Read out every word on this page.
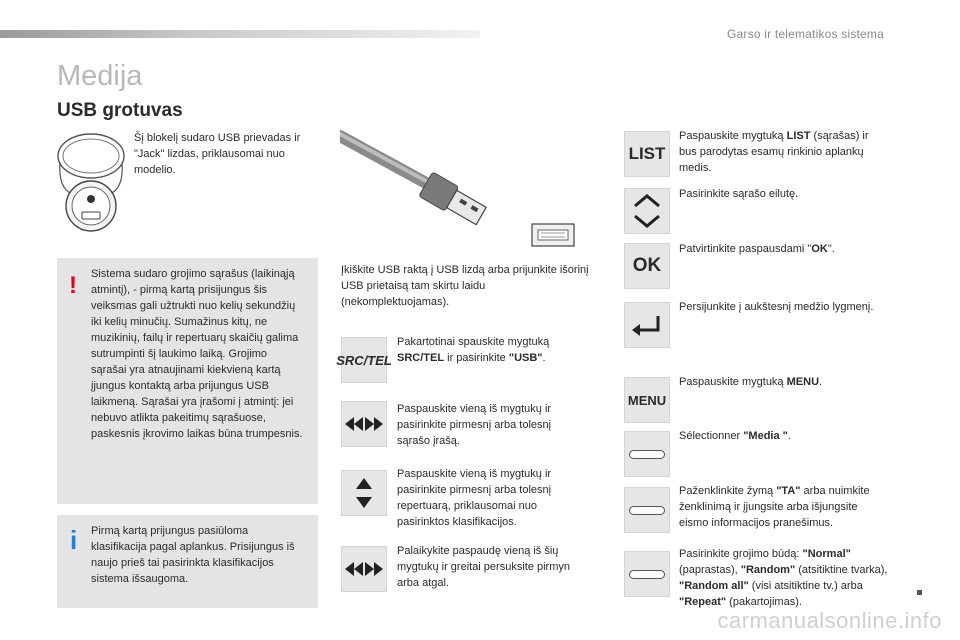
Garso ir telematikos sistema
Medija
USB grotuvas
Šį blokelį sudaro USB prievadas ir "Jack" lizdas, priklausomai nuo modelio.
Įkiškite USB raktą į USB lizdą arba prijunkite išorinį USB prietaisą tam skirtu laidu (nekomplektuojamas).
! Sistema sudaro grojimo sąrašus (laikinąją atmintį), - pirmą kartą prisijungus šis veiksmas gali užtrukti nuo kelių sekundžių iki kelių minučių. Sumažinus kitų, ne muzikinių, failų ir repertuarų skaičių galima sutrumpinti šį laukimo laiką. Grojimo sąrašai yra atnaujinami kiekvieną kartą įjungus kontaktą arba prijungus USB laikmeną. Sąrašai yra įrašomi į atmintį: jei nebuvo atlikta pakeitimų sąrašuose, paskesnis įkrovimo laikas būna trumpesnis.
i Pirmą kartą prijungus pasiūloma klasifikacija pagal aplankus. Prisijungus iš naujo prieš tai pasirinkta klasifikacijos sistema išsaugoma.
SRC/TEL
Pakartotinai spauskite mygtuką SRC/TEL ir pasirinkite "USB".
Paspauskite vieną iš mygtukų ir pasirinkite pirmesnį arba tolesnį sąrašo įrašą.
Paspauskite vieną iš mygtukų ir pasirinkite pirmesnį arba tolesnį repertuarą, priklausomai nuo pasirinktos klasifikacijos.
Palaikykite paspaudę vieną iš šių mygtukų ir greitai persuksite pirmyn arba atgal.
LIST
Paspauskite mygtuką LIST (sąrašas) ir bus parodytas esamų rinkinio aplankų medis.
Pasirinkite sąrašo eilutę.
OK
Patvirtinkite paspausdami "OK".
Persijunkite į aukštesnį medžio lygmenį.
MENU
Paspauskite mygtuką MENU.
Sélectionner "Media ".
Paženklinkite žymą "TA" arba nuimkite ženklinimą ir įjungsite arba išjungsite eismo informacijos pranešimus.
Pasirinkite grojimo būdą: "Normal" (paprastas), "Random" (atsitiktine tvarka), "Random all" (visi atsitiktine tv.) arba "Repeat" (pakartojimas).
carmanualsonline.info
